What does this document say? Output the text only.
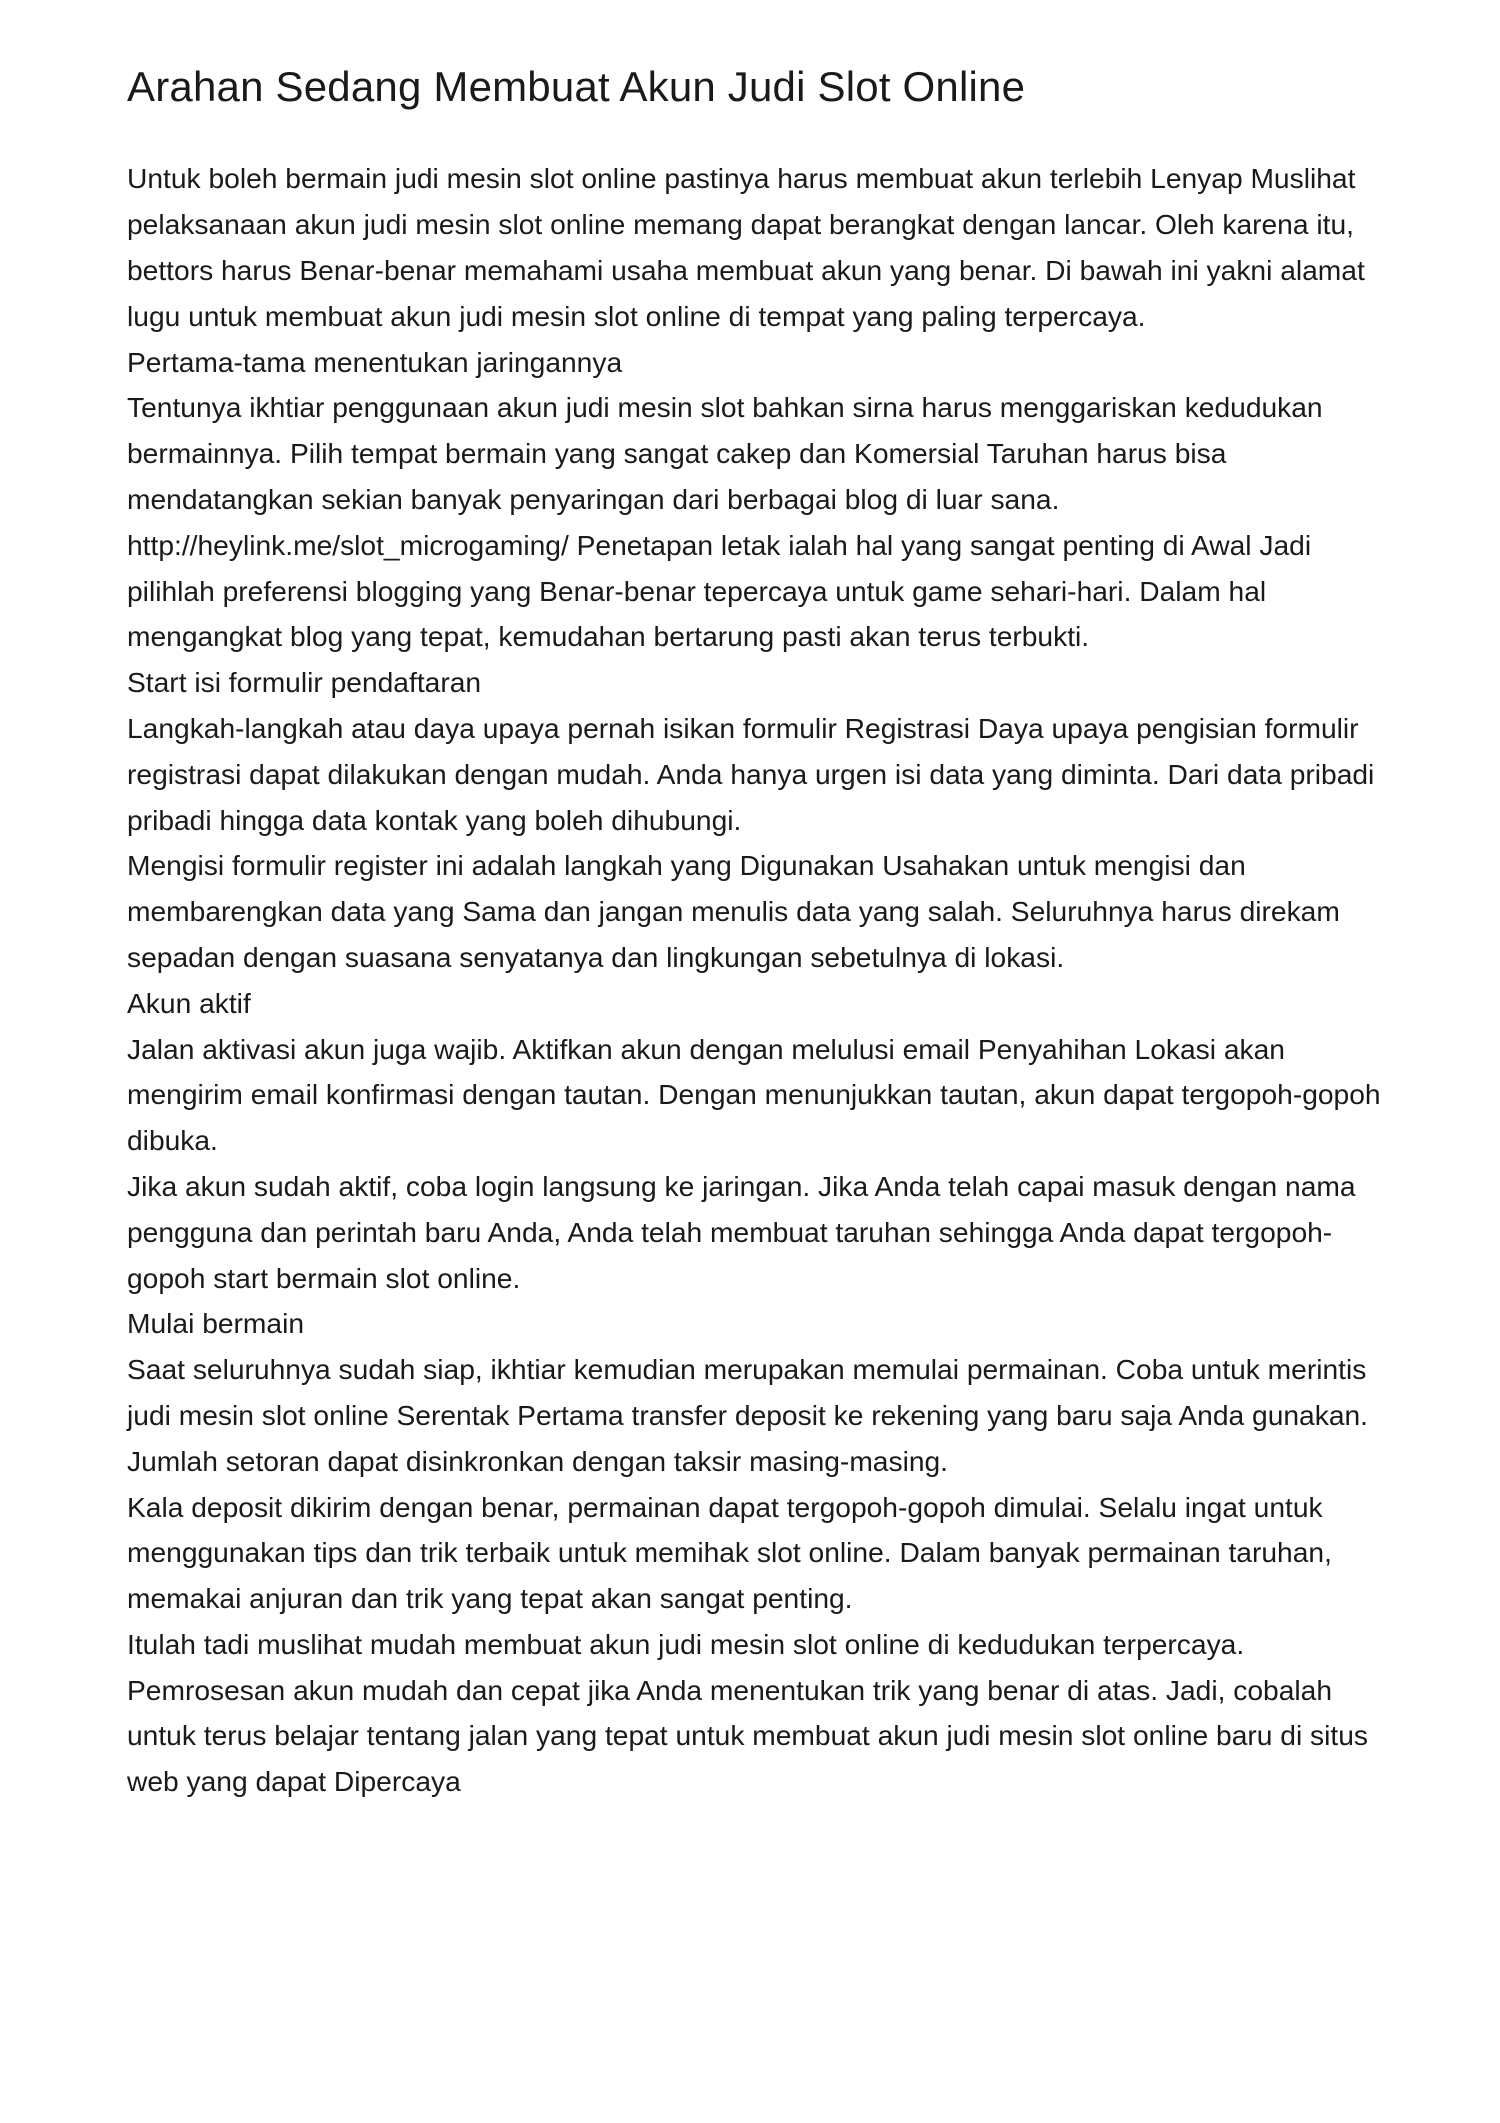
Arahan Sedang Membuat Akun Judi Slot Online

Untuk boleh bermain judi mesin slot online pastinya harus membuat akun terlebih Lenyap Muslihat pelaksanaan akun judi mesin slot online memang dapat berangkat dengan lancar. Oleh karena itu, bettors harus Benar-benar memahami usaha membuat akun yang benar. Di bawah ini yakni alamat lugu untuk membuat akun judi mesin slot online di tempat yang paling terpercaya.

Pertama-tama menentukan jaringannya

Tentunya ikhtiar penggunaan akun judi mesin slot bahkan sirna harus menggariskan kedudukan bermainnya. Pilih tempat bermain yang sangat cakep dan Komersial Taruhan harus bisa mendatangkan sekian banyak penyaringan dari berbagai blog di luar sana. http://heylink.me/slot_microgaming/ Penetapan letak ialah hal yang sangat penting di Awal Jadi pilihlah preferensi blogging yang Benar-benar tepercaya untuk game sehari-hari. Dalam hal mengangkat blog yang tepat, kemudahan bertarung pasti akan terus terbukti.

Start isi formulir pendaftaran

Langkah-langkah atau daya upaya pernah isikan formulir Registrasi Daya upaya pengisian formulir registrasi dapat dilakukan dengan mudah. Anda hanya urgen isi data yang diminta. Dari data pribadi pribadi hingga data kontak yang boleh dihubungi.

Mengisi formulir register ini adalah langkah yang Digunakan Usahakan untuk mengisi dan membarengkan data yang Sama dan jangan menulis data yang salah. Seluruhnya harus direkam sepadan dengan suasana senyatanya dan lingkungan sebetulnya di lokasi.

Akun aktif

Jalan aktivasi akun juga wajib. Aktifkan akun dengan melulusi email Penyahihan Lokasi akan mengirim email konfirmasi dengan tautan. Dengan menunjukkan tautan, akun dapat tergopoh-gopoh dibuka.

Jika akun sudah aktif, coba login langsung ke jaringan. Jika Anda telah capai masuk dengan nama pengguna dan perintah baru Anda, Anda telah membuat taruhan sehingga Anda dapat tergopoh-gopoh start bermain slot online.

Mulai bermain

Saat seluruhnya sudah siap, ikhtiar kemudian merupakan memulai permainan. Coba untuk merintis judi mesin slot online Serentak Pertama transfer deposit ke rekening yang baru saja Anda gunakan. Jumlah setoran dapat disinkronkan dengan taksir masing-masing.

Kala deposit dikirim dengan benar, permainan dapat tergopoh-gopoh dimulai. Selalu ingat untuk menggunakan tips dan trik terbaik untuk memihak slot online. Dalam banyak permainan taruhan, memakai anjuran dan trik yang tepat akan sangat penting.

Itulah tadi muslihat mudah membuat akun judi mesin slot online di kedudukan terpercaya. Pemrosesan akun mudah dan cepat jika Anda menentukan trik yang benar di atas. Jadi, cobalah untuk terus belajar tentang jalan yang tepat untuk membuat akun judi mesin slot online baru di situs web yang dapat Dipercaya
